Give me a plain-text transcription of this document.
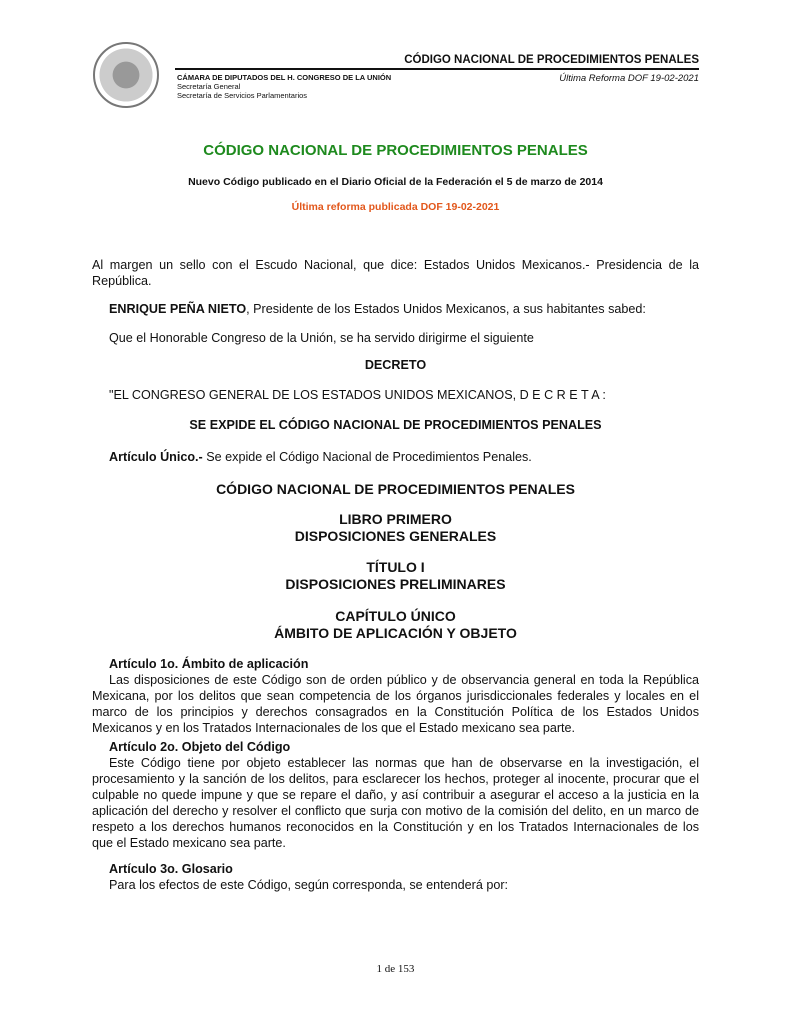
CÓDIGO NACIONAL DE PROCEDIMIENTOS PENALES
CÁMARA DE DIPUTADOS DEL H. CONGRESO DE LA UNIÓN
Secretaría General
Secretaría de Servicios Parlamentarios
Última Reforma DOF 19-02-2021
CÓDIGO NACIONAL DE PROCEDIMIENTOS PENALES
Nuevo Código publicado en el Diario Oficial de la Federación el 5 de marzo de 2014
Última reforma publicada DOF 19-02-2021
Al margen un sello con el Escudo Nacional, que dice: Estados Unidos Mexicanos.- Presidencia de la República.
ENRIQUE PEÑA NIETO, Presidente de los Estados Unidos Mexicanos, a sus habitantes sabed:
Que el Honorable Congreso de la Unión, se ha servido dirigirme el siguiente
DECRETO
"EL CONGRESO GENERAL DE LOS ESTADOS UNIDOS MEXICANOS, D E C R E T A :
SE EXPIDE EL CÓDIGO NACIONAL DE PROCEDIMIENTOS PENALES
Artículo Único.- Se expide el Código Nacional de Procedimientos Penales.
CÓDIGO NACIONAL DE PROCEDIMIENTOS PENALES
LIBRO PRIMERO
DISPOSICIONES GENERALES
TÍTULO I
DISPOSICIONES PRELIMINARES
CAPÍTULO ÚNICO
ÁMBITO DE APLICACIÓN Y OBJETO
Artículo 1o. Ámbito de aplicación
Las disposiciones de este Código son de orden público y de observancia general en toda la República Mexicana, por los delitos que sean competencia de los órganos jurisdiccionales federales y locales en el marco de los principios y derechos consagrados en la Constitución Política de los Estados Unidos Mexicanos y en los Tratados Internacionales de los que el Estado mexicano sea parte.
Artículo 2o. Objeto del Código
Este Código tiene por objeto establecer las normas que han de observarse en la investigación, el procesamiento y la sanción de los delitos, para esclarecer los hechos, proteger al inocente, procurar que el culpable no quede impune y que se repare el daño, y así contribuir a asegurar el acceso a la justicia en la aplicación del derecho y resolver el conflicto que surja con motivo de la comisión del delito, en un marco de respeto a los derechos humanos reconocidos en la Constitución y en los Tratados Internacionales de los que el Estado mexicano sea parte.
Artículo 3o. Glosario
Para los efectos de este Código, según corresponda, se entenderá por:
1 de 153
